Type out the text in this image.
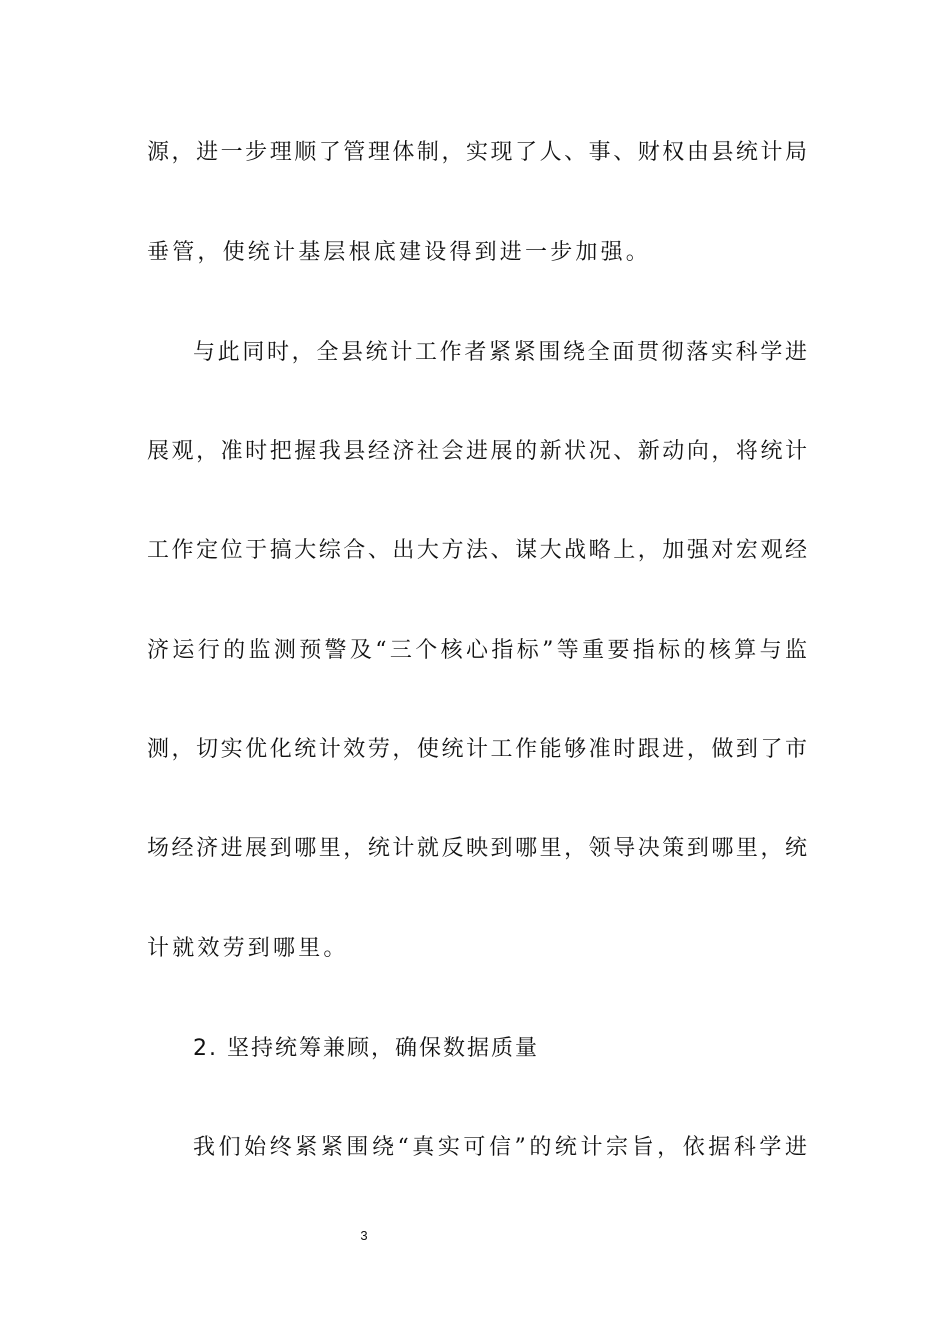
源，进一步理顺了管理体制，实现了人、事、财权由县统计局
垂管，使统计基层根底建设得到进一步加强。
与此同时，全县统计工作者紧紧围绕全面贯彻落实科学进
展观，准时把握我县经济社会进展的新状况、新动向，将统计
工作定位于搞大综合、出大方法、谋大战略上，加强对宏观经
济运行的监测预警及“三个核心指标”等重要指标的核算与监
测，切实优化统计效劳，使统计工作能够准时跟进，做到了市
场经济进展到哪里，统计就反映到哪里，领导决策到哪里，统
计就效劳到哪里。
2. 坚持统筹兼顾，确保数据质量
我们始终紧紧围绕“真实可信”的统计宗旨，依据科学进
3
